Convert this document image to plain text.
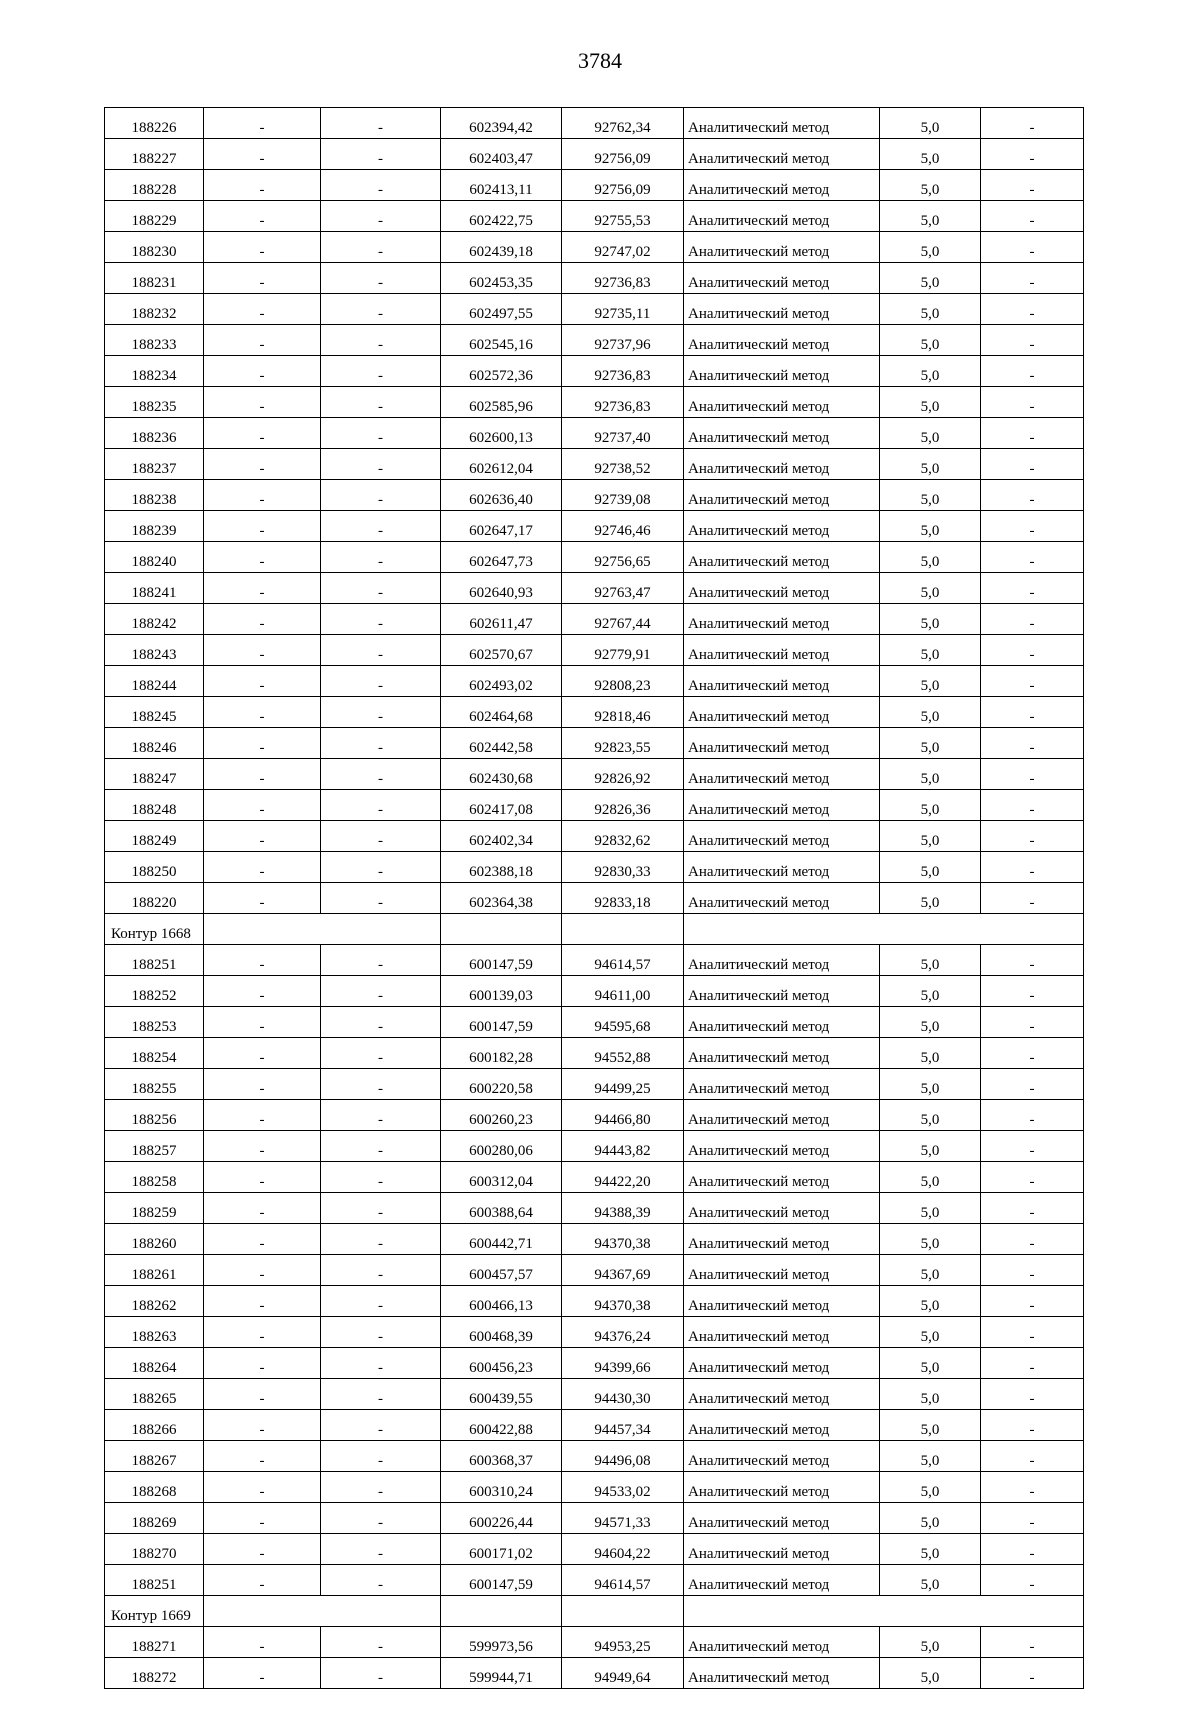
3784
188226	-	-	602394,42	92762,34	Аналитический метод	5,0	-
188227	-	-	602403,47	92756,09	Аналитический метод	5,0	-
188228	-	-	602413,11	92756,09	Аналитический метод	5,0	-
188229	-	-	602422,75	92755,53	Аналитический метод	5,0	-
188230	-	-	602439,18	92747,02	Аналитический метод	5,0	-
188231	-	-	602453,35	92736,83	Аналитический метод	5,0	-
188232	-	-	602497,55	92735,11	Аналитический метод	5,0	-
188233	-	-	602545,16	92737,96	Аналитический метод	5,0	-
188234	-	-	602572,36	92736,83	Аналитический метод	5,0	-
188235	-	-	602585,96	92736,83	Аналитический метод	5,0	-
188236	-	-	602600,13	92737,40	Аналитический метод	5,0	-
188237	-	-	602612,04	92738,52	Аналитический метод	5,0	-
188238	-	-	602636,40	92739,08	Аналитический метод	5,0	-
188239	-	-	602647,17	92746,46	Аналитический метод	5,0	-
188240	-	-	602647,73	92756,65	Аналитический метод	5,0	-
188241	-	-	602640,93	92763,47	Аналитический метод	5,0	-
188242	-	-	602611,47	92767,44	Аналитический метод	5,0	-
188243	-	-	602570,67	92779,91	Аналитический метод	5,0	-
188244	-	-	602493,02	92808,23	Аналитический метод	5,0	-
188245	-	-	602464,68	92818,46	Аналитический метод	5,0	-
188246	-	-	602442,58	92823,55	Аналитический метод	5,0	-
188247	-	-	602430,68	92826,92	Аналитический метод	5,0	-
188248	-	-	602417,08	92826,36	Аналитический метод	5,0	-
188249	-	-	602402,34	92832,62	Аналитический метод	5,0	-
188250	-	-	602388,18	92830,33	Аналитический метод	5,0	-
188220	-	-	602364,38	92833,18	Аналитический метод	5,0	-
Контур 1668							
188251	-	-	600147,59	94614,57	Аналитический метод	5,0	-
188252	-	-	600139,03	94611,00	Аналитический метод	5,0	-
188253	-	-	600147,59	94595,68	Аналитический метод	5,0	-
188254	-	-	600182,28	94552,88	Аналитический метод	5,0	-
188255	-	-	600220,58	94499,25	Аналитический метод	5,0	-
188256	-	-	600260,23	94466,80	Аналитический метод	5,0	-
188257	-	-	600280,06	94443,82	Аналитический метод	5,0	-
188258	-	-	600312,04	94422,20	Аналитический метод	5,0	-
188259	-	-	600388,64	94388,39	Аналитический метод	5,0	-
188260	-	-	600442,71	94370,38	Аналитический метод	5,0	-
188261	-	-	600457,57	94367,69	Аналитический метод	5,0	-
188262	-	-	600466,13	94370,38	Аналитический метод	5,0	-
188263	-	-	600468,39	94376,24	Аналитический метод	5,0	-
188264	-	-	600456,23	94399,66	Аналитический метод	5,0	-
188265	-	-	600439,55	94430,30	Аналитический метод	5,0	-
188266	-	-	600422,88	94457,34	Аналитический метод	5,0	-
188267	-	-	600368,37	94496,08	Аналитический метод	5,0	-
188268	-	-	600310,24	94533,02	Аналитический метод	5,0	-
188269	-	-	600226,44	94571,33	Аналитический метод	5,0	-
188270	-	-	600171,02	94604,22	Аналитический метод	5,0	-
188251	-	-	600147,59	94614,57	Аналитический метод	5,0	-
Контур 1669							
188271	-	-	599973,56	94953,25	Аналитический метод	5,0	-
188272	-	-	599944,71	94949,64	Аналитический метод	5,0	-
